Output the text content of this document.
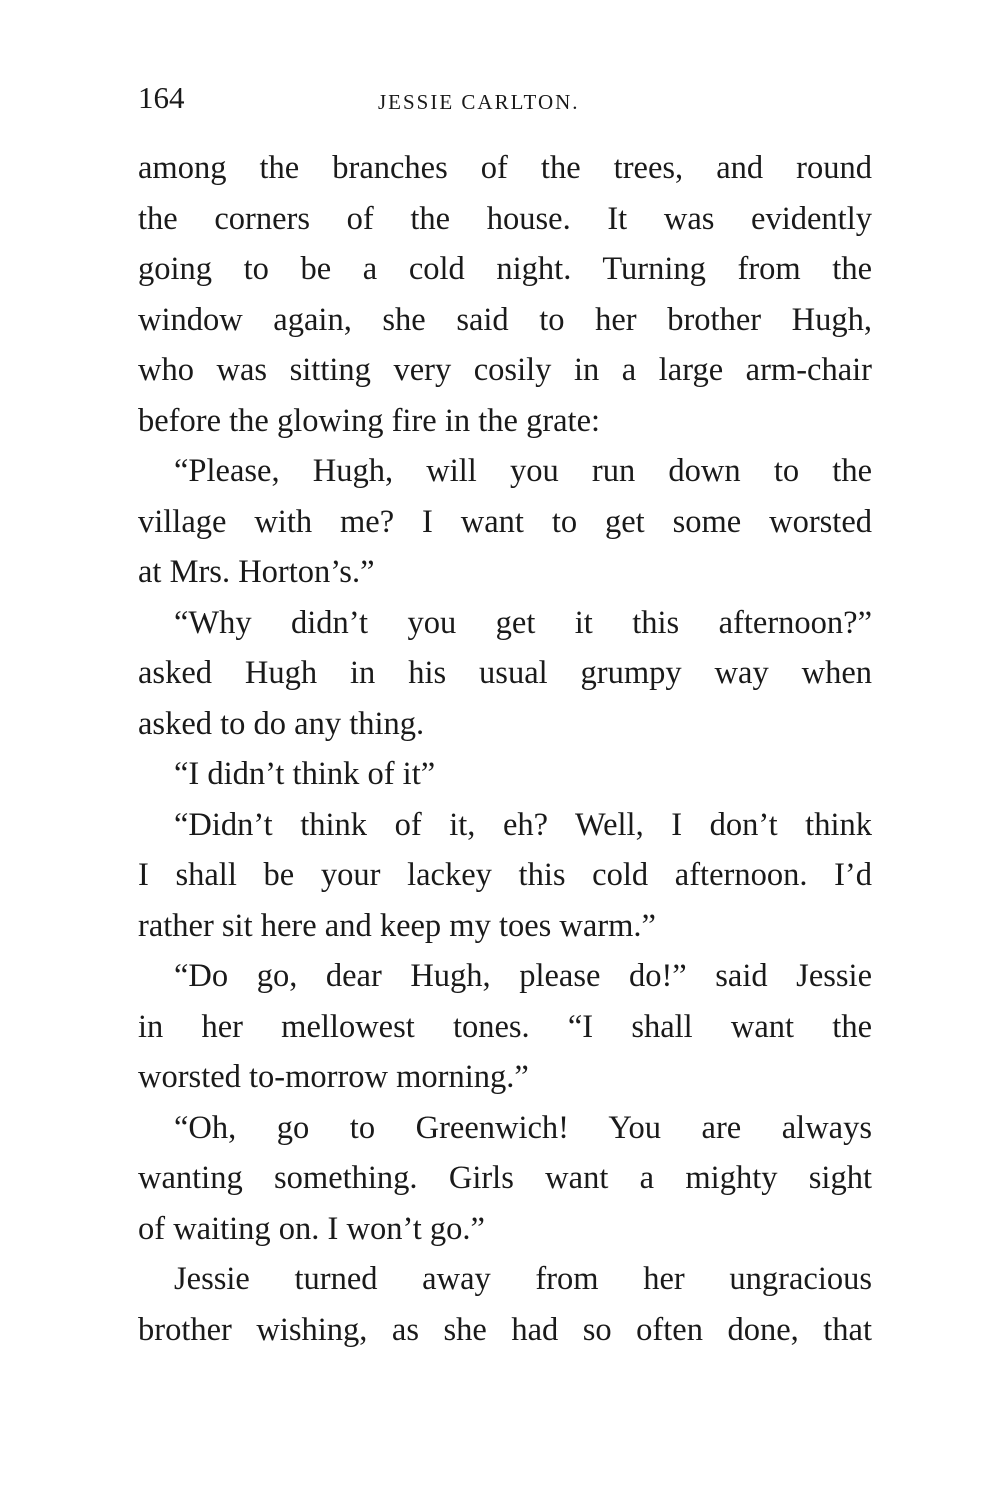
164	JESSIE CARLTON.
among the branches of the trees, and round
the corners of the house. It was evidently
going to be a cold night. Turning from the
window again, she said to her brother Hugh,
who was sitting very cosily in a large arm-chair
before the glowing fire in the grate:
“Please, Hugh, will you run down to the
village with me? I want to get some worsted
at Mrs. Horton’s.”
“Why didn’t you get it this afternoon?”
asked Hugh in his usual grumpy way when
asked to do any thing.
“I didn’t think of it”
“Didn’t think of it, eh? Well, I don’t think
I shall be your lackey this cold afternoon. I’d
rather sit here and keep my toes warm.”
“Do go, dear Hugh, please do!” said Jessie
in her mellowest tones. “I shall want the
worsted to-morrow morning.”
“Oh, go to Greenwich! You are always
wanting something. Girls want a mighty sight
of waiting on. I won’t go.”
Jessie turned away from her ungracious
brother wishing, as she had so often done, that
